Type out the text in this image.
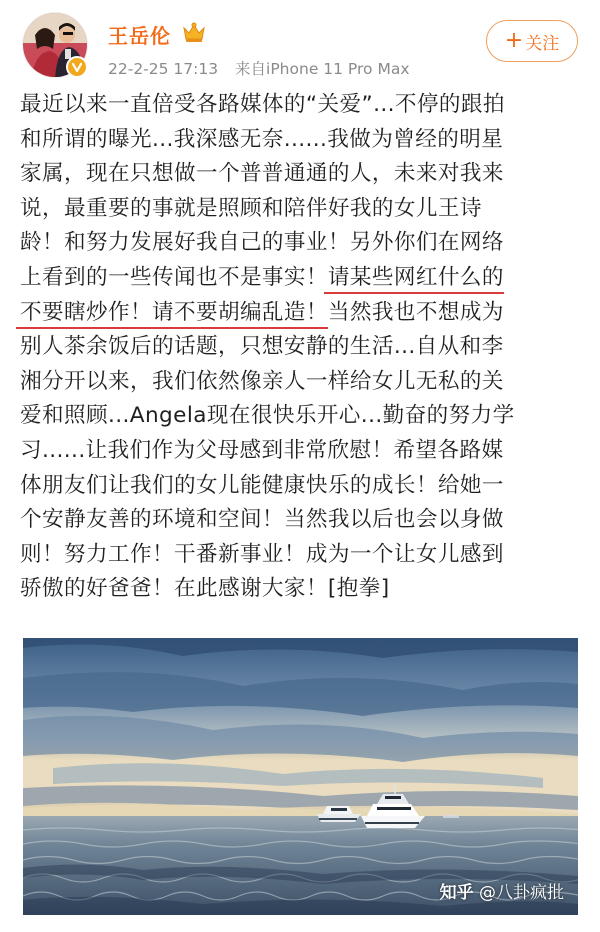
王岳伦
22-2-25 17:13 来自iPhone 11 Pro Max
+ 关注
最近以来一直倍受各路媒体的“关爱”...不停的跟拍
和所谓的曝光...我深感无奈......我做为曾经的明星
家属，现在只想做一个普普通通的人，未来对我来
说，最重要的事就是照顾和陪伴好我的女儿王诗
龄！和努力发展好我自己的事业！另外你们在网络
上看到的一些传闻也不是事实！请某些网红什么的
不要瞎炒作！请不要胡编乱造！当然我也不想成为
别人茶余饭后的话题，只想安静的生活...自从和李
湘分开以来，我们依然像亲人一样给女儿无私的关
爱和照顾...Angela现在很快乐开心...勤奋的努力学
习......让我们作为父母感到非常欣慰！希望各路媒
体朋友们让我们的女儿能健康快乐的成长！给她一
个安静友善的环境和空间！当然我以后也会以身做
则！努力工作！干番新事业！成为一个让女儿感到
骄傲的好爸爸！在此感谢大家！[抱拳]
知乎 @八卦疯批
